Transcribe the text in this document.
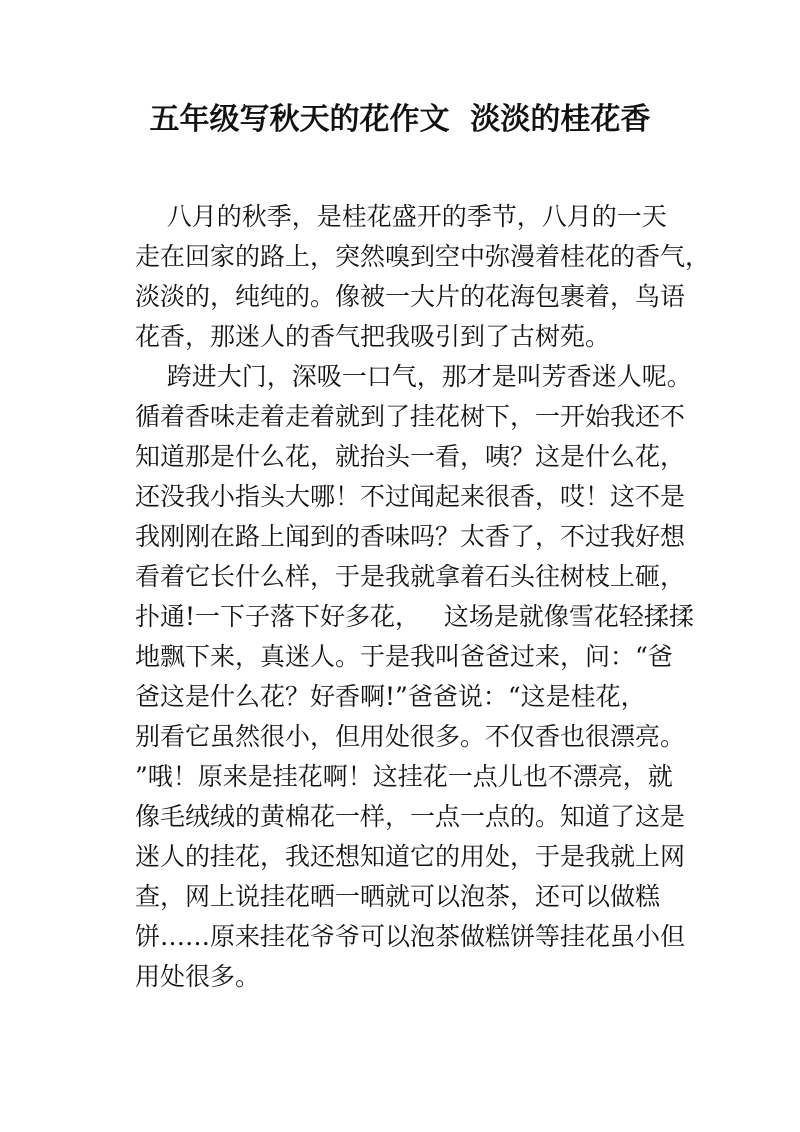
五年级写秋天的花作文  淡淡的桂花香

八月的秋季，是桂花盛开的季节，八月的一天

走在回家的路上，突然嗅到空中弥漫着桂花的香气，

淡淡的，纯纯的。像被一大片的花海包裹着，鸟语

花香，那迷人的香气把我吸引到了古树苑。

跨进大门，深吸一口气，那才是叫芳香迷人呢。

循着香味走着走着就到了挂花树下，一开始我还不

知道那是什么花，就抬头一看，咦？这是什么花，

还没我小指头大哪！不过闻起来很香，哎！这不是

我刚刚在路上闻到的香味吗？太香了，不过我好想

看着它长什么样，于是我就拿着石头往树枝上砸，

扑通!一下子落下好多花，   这场是就像雪花轻揉揉

地飘下来，真迷人。于是我叫爸爸过来，问：“爸

爸这是什么花？好香啊!”爸爸说：“这是桂花，

别看它虽然很小，但用处很多。不仅香也很漂亮。

”哦！原来是挂花啊！这挂花一点儿也不漂亮，就

像毛绒绒的黄棉花一样，一点一点的。知道了这是

迷人的挂花，我还想知道它的用处，于是我就上网

查，网上说挂花晒一晒就可以泡茶，还可以做糕

饼……原来挂花爷爷可以泡茶做糕饼等挂花虽小但

用处很多。
